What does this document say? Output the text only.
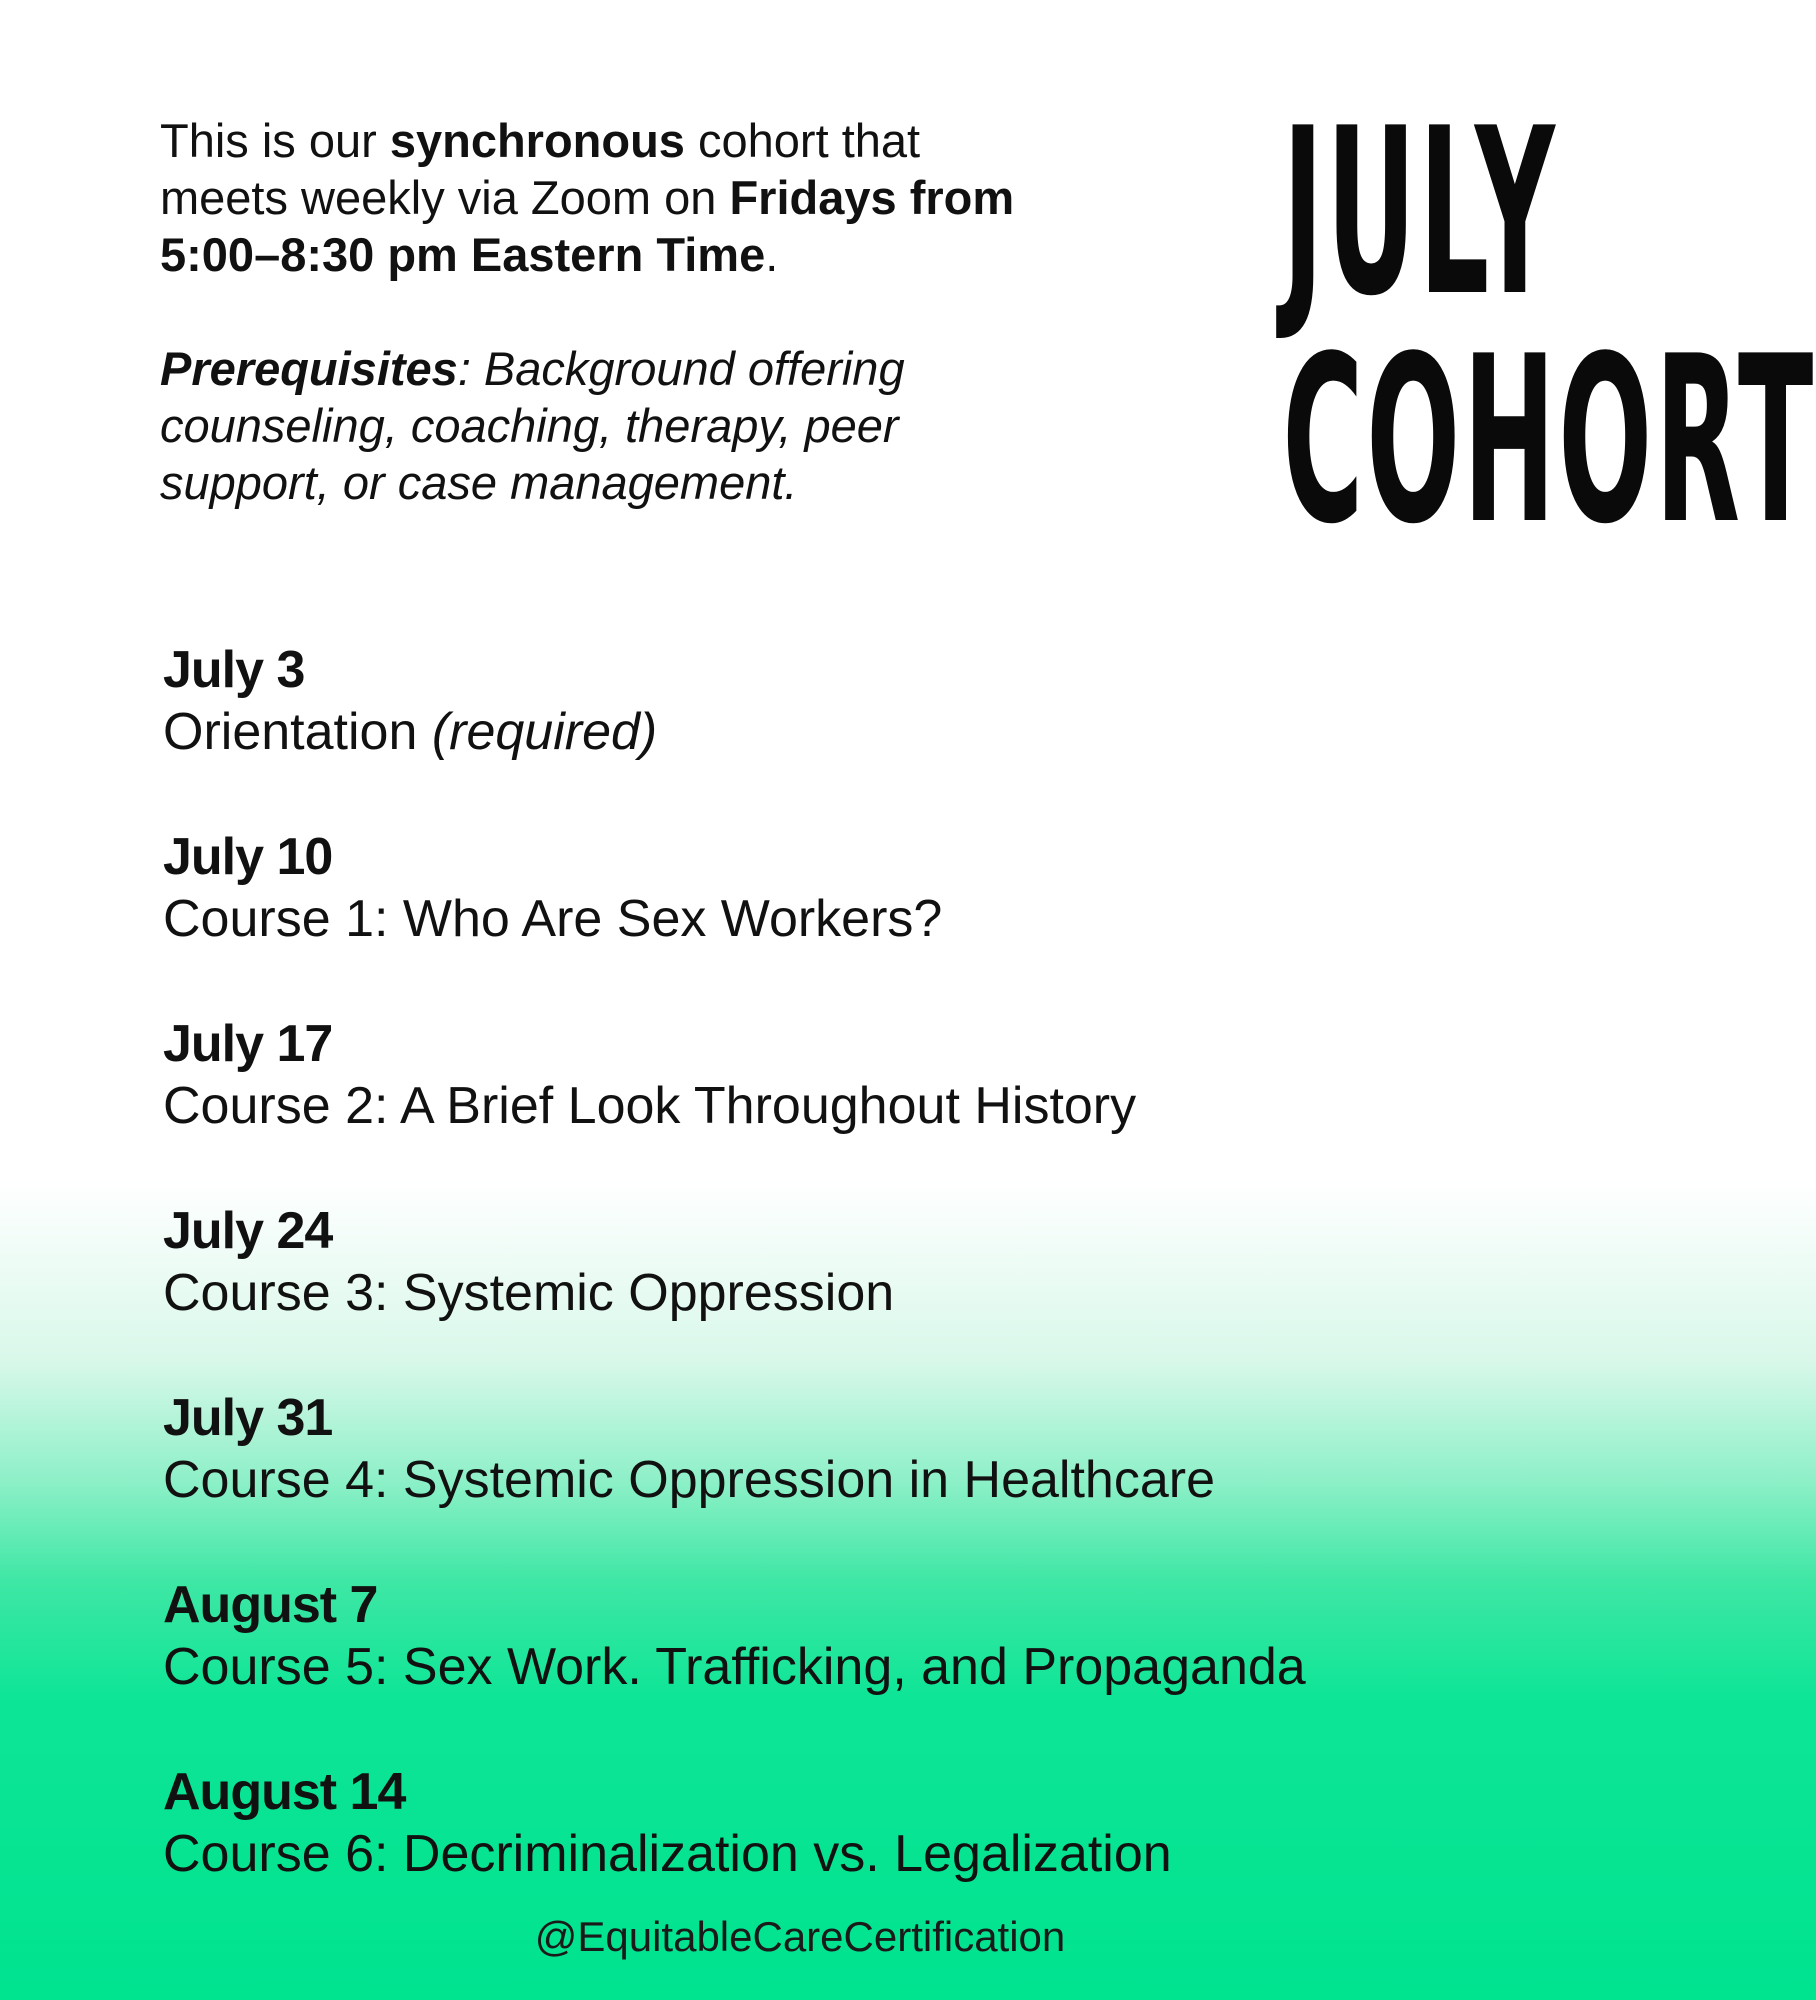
This is our synchronous cohort that meets weekly via Zoom on Fridays from 5:00–8:30 pm Eastern Time.

Prerequisites: Background offering counseling, coaching, therapy, peer support, or case management.

JULY
COHORT
July 3
Orientation (required)
July 10
Course 1: Who Are Sex Workers?
July 17
Course 2: A Brief Look Throughout History
July 24
Course 3: Systemic Oppression
July 31
Course 4: Systemic Oppression in Healthcare
August 7
Course 5: Sex Work. Trafficking, and Propaganda
August 14
Course 6: Decriminalization vs. Legalization
@EquitableCareCertification
